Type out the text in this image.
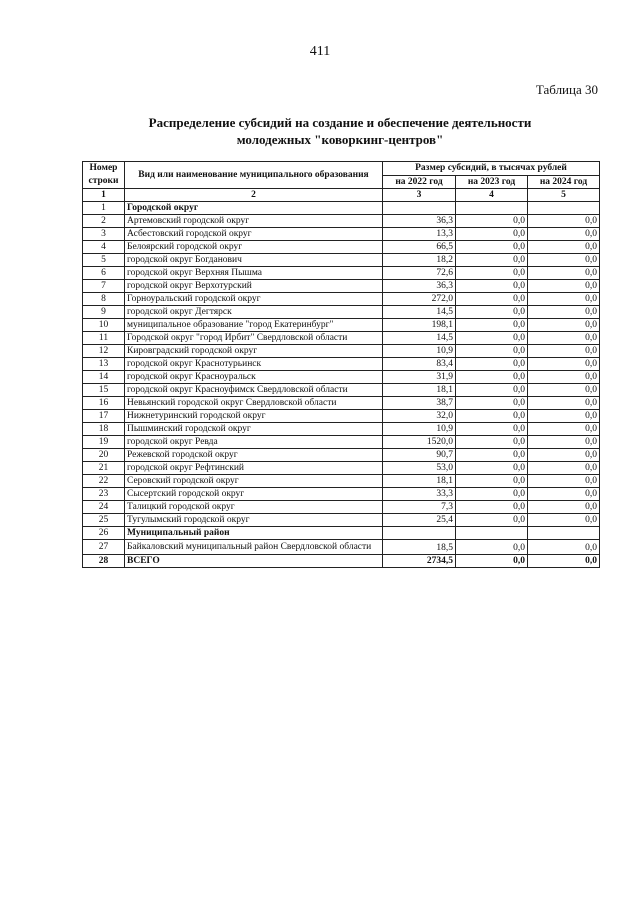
411
Таблица 30
Распределение субсидий на создание и обеспечение деятельности
молодежных "коворкинг-центров"
Номер строки	Вид или наименование муниципального образования	Размер субсидий, в тысячах рублей		
		на 2022 год	на 2023 год	на 2024 год
1	2	3	4	5
1	Городской округ			
2	Артемовский городской округ	36,3	0,0	0,0
3	Асбестовский городской округ	13,3	0,0	0,0
4	Белоярский городской округ	66,5	0,0	0,0
5	городской округ Богданович	18,2	0,0	0,0
6	городской округ Верхняя Пышма	72,6	0,0	0,0
7	городской округ Верхотурский	36,3	0,0	0,0
8	Горноуральский городской округ	272,0	0,0	0,0
9	городской округ Дегтярск	14,5	0,0	0,0
10	муниципальное образование "город Екатеринбург"	198,1	0,0	0,0
11	Городской округ "город Ирбит" Свердловской области	14,5	0,0	0,0
12	Кировградский городской округ	10,9	0,0	0,0
13	городской округ Краснотурьинск	83,4	0,0	0,0
14	городской округ Красноуральск	31,9	0,0	0,0
15	городской округ Красноуфимск Свердловской области	18,1	0,0	0,0
16	Невьянский городской округ Свердловской области	38,7	0,0	0,0
17	Нижнетуринский городской округ	32,0	0,0	0,0
18	Пышминский городской округ	10,9	0,0	0,0
19	городской округ Ревда	1520,0	0,0	0,0
20	Режевской городской округ	90,7	0,0	0,0
21	городской округ Рефтинский	53,0	0,0	0,0
22	Серовский городской округ	18,1	0,0	0,0
23	Сысертский городской округ	33,3	0,0	0,0
24	Талицкий городской округ	7,3	0,0	0,0
25	Тугулымский городской округ	25,4	0,0	0,0
26	Муниципальный район			
27	Байкаловский муниципальный район Свердловской области	18,5	0,0	0,0
28	ВСЕГО	2734,5	0,0	0,0
